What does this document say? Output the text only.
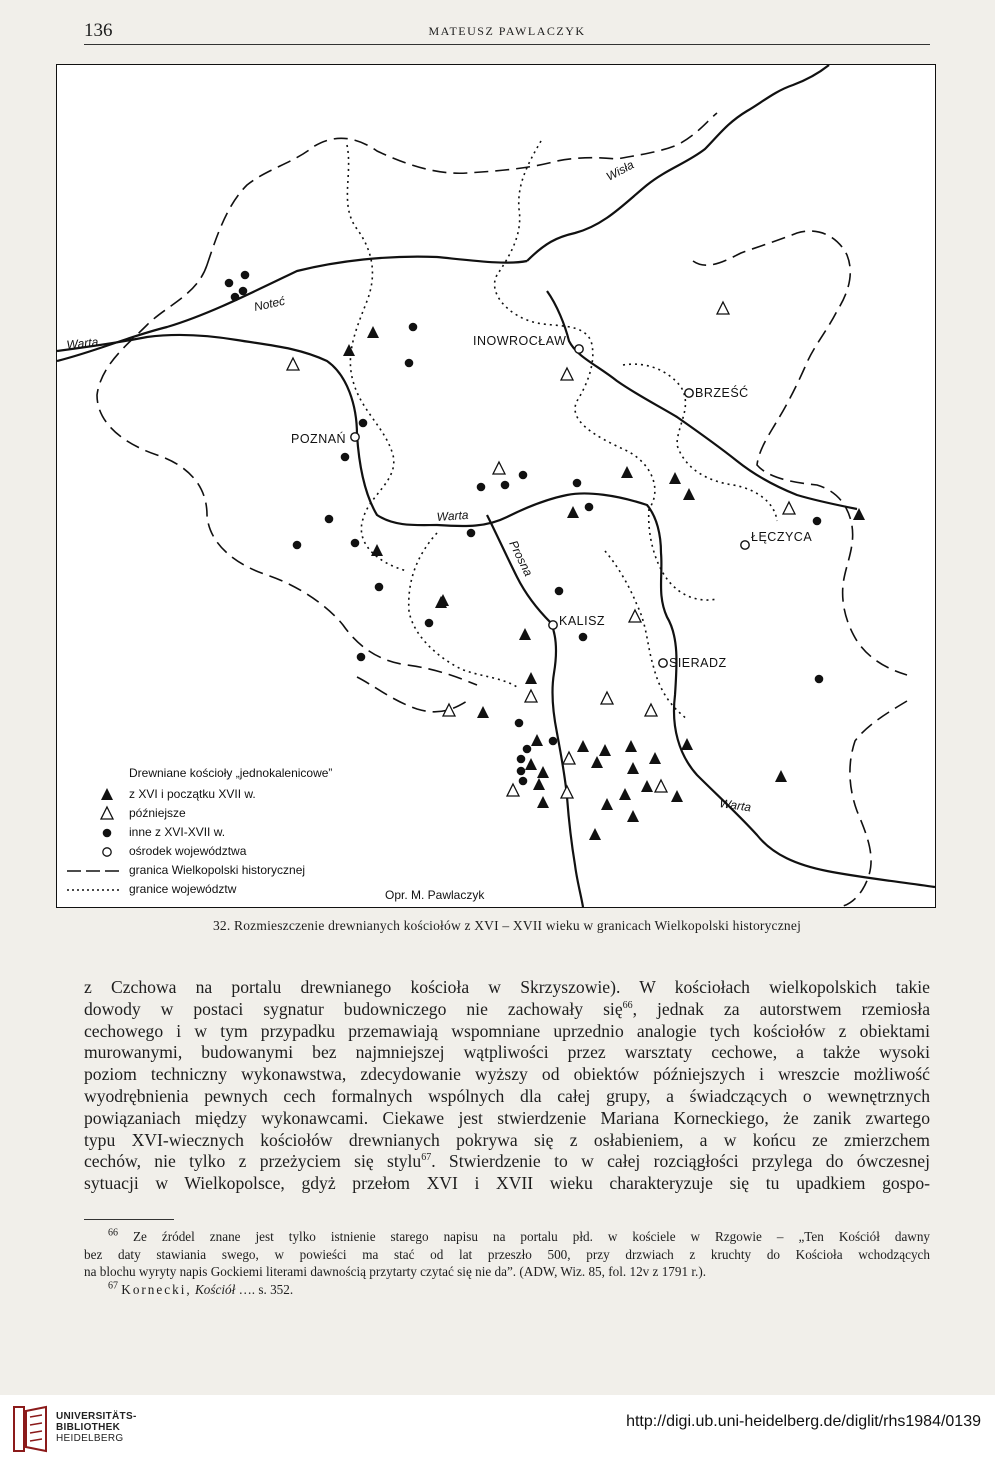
136	MATEUSZ PAWLACZYK
Wisła
Noteć
Warta
Warta
Prosna
Warta
POZNAŃ
INOWROCŁAW
BRZEŚĆ
ŁĘCZYCA
KALISZ
SIERADZ
Drewniane kościoły „jednokalenicowe”
z XVI i początku XVII w.
późniejsze
inne z XVI-XVII w.
ośrodek województwa
granica Wielkopolski historycznej
granice województw	Opr. M. Pawlaczyk
32. Rozmieszczenie drewnianych kościołów z XVI – XVII wieku w granicach Wielkopolski historycznej
z Czchowa na portalu drewnianego kościoła w Skrzyszowie). W kościołach wielkopolskich takie
dowody w postaci sygnatur budowniczego nie zachowały się$^{66}$, jednak za autorstwem rzemiosła
cechowego i w tym przypadku przemawiają wspomniane uprzednio analogie tych kościołów z obiektami
murowanymi, budowanymi bez najmniejszej wątpliwości przez warsztaty cechowe, a także wysoki
poziom techniczny wykonawstwa, zdecydowanie wyższy od obiektów późniejszych i wreszcie możliwość
wyodrębnienia pewnych cech formalnych wspólnych dla całej grupy, a świadczących o wewnętrznych
powiązaniach między wykonawcami. Ciekawe jest stwierdzenie Mariana Korneckiego, że zanik zwartego
typu XVI-wiecznych kościołów drewnianych pokrywa się z osłabieniem, a w końcu ze zmierzchem
cechów, nie tylko z przeżyciem się stylu$^{67}$. Stwierdzenie to w całej rozciągłości przylega do ówczesnej
sytuacji w Wielkopolsce, gdyż przełom XVI i XVII wieku charakteryzuje się tu upadkiem gospo-
$^{66}$ Ze źródel znane jest tylko istnienie starego napisu na portalu płd. w kościele w Rzgowie – „Ten Kościół dawny
bez daty stawiania swego, w powieści ma stać od lat przeszło 500, przy drzwiach z kruchty do Kościoła wchodzących
na blochu wyryty napis Gockiemi literami dawnością przytarty czytać się nie da”. (ADW, Wiz. 85, fol. 12v z 1791 r.).
$^{67}$ Kornecki, Kościół …. s. 352.
UNIVERSITÄTS-
BIBLIOTHEK
HEIDELBERG
http://digi.ub.uni-heidelberg.de/diglit/rhs1984/0139
